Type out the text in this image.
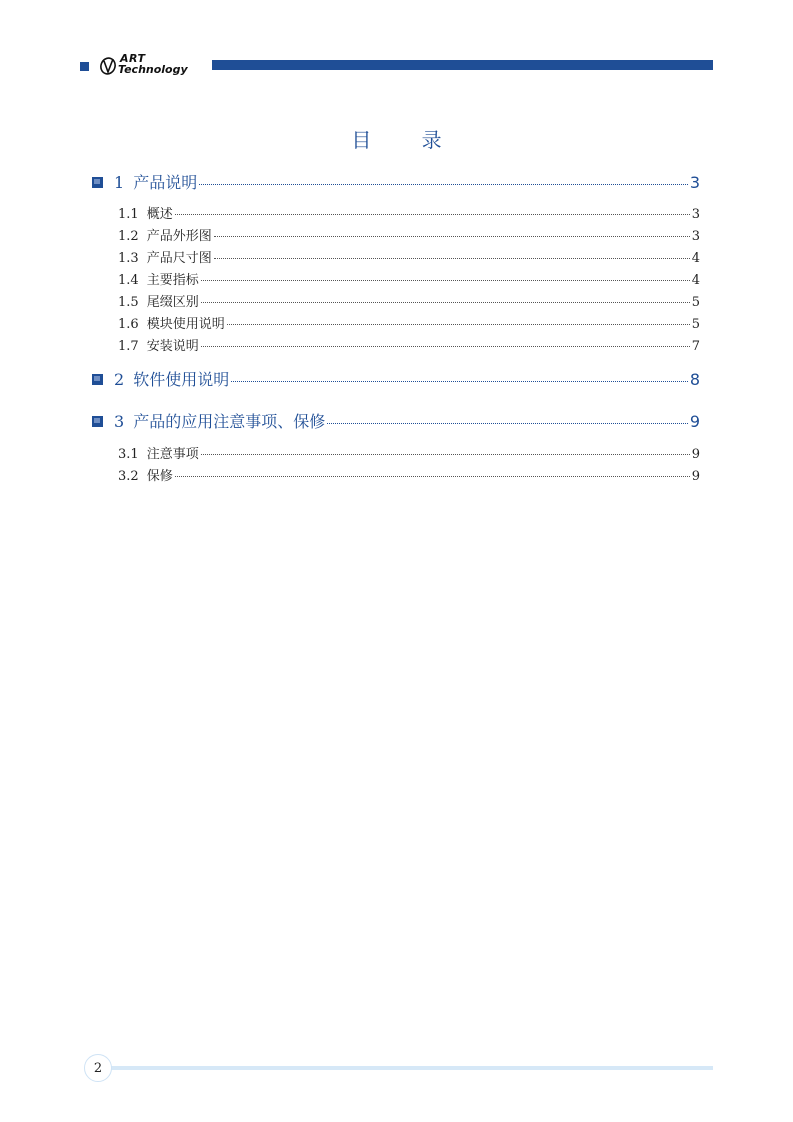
ART
Technology
目 录
1 产品说明	3
1.1 概述	3
1.2 产品外形图	3
1.3 产品尺寸图	4
1.4 主要指标	4
1.5 尾缀区别	5
1.6 模块使用说明	5
1.7 安装说明	7
2 软件使用说明	8
3 产品的应用注意事项、保修	9
3.1 注意事项	9
3.2 保修	9
2
